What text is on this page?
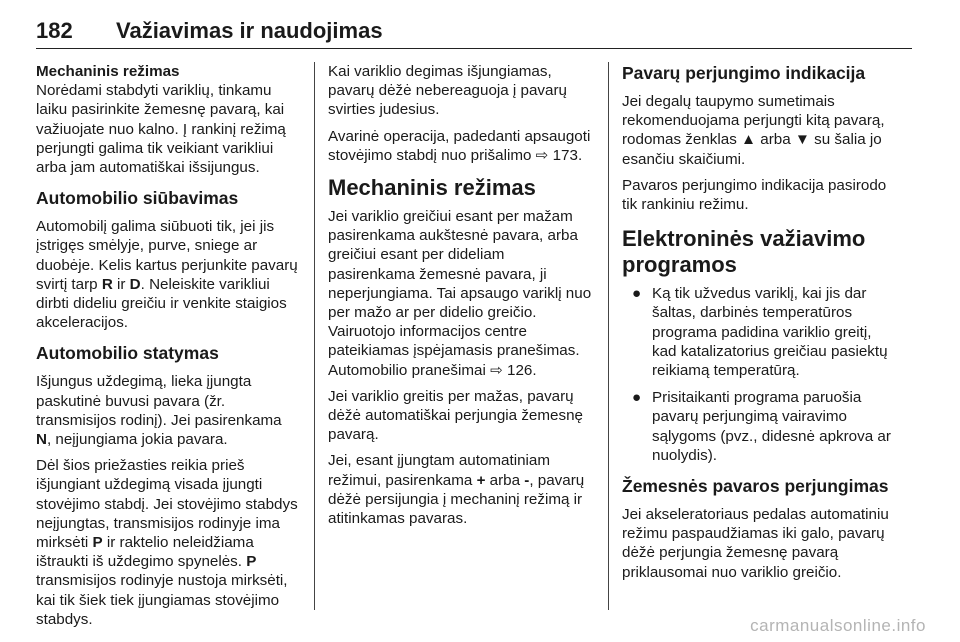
182 Važiavimas ir naudojimas
Mechaninis režimas

Norėdami stabdyti variklių, tinkamu laiku pasirinkite žemesnę pavarą, kai važiuojate nuo kalno. Į rankinį režimą perjungti galima tik veikiant varikliui arba jam automatiškai išsijungus.

Automobilio siūbavimas

Automobilį galima siūbuoti tik, jei jis įstrigęs smėlyje, purve, sniege ar duobėje. Kelis kartus perjunkite pavarų svirtį tarp R ir D. Neleiskite varikliui dirbti dideliu greičiu ir venkite staigios akceleracijos.

Automobilio statymas

Išjungus uždegimą, lieka įjungta paskutinė buvusi pavara (žr. transmisijos rodinį). Jei pasirenkama N, neįjungiama jokia pavara.

Dėl šios priežasties reikia prieš išjungiant uždegimą visada įjungti stovėjimo stabdį. Jei stovėjimo stabdys neįjungtas, transmisijos rodinyje ima mirksėti P ir raktelio neleidžiama ištraukti iš uždegimo spynelės. P transmisijos rodinyje nustoja mirksėti, kai tik šiek tiek įjungiamas stovėjimo stabdys.

Kai variklio degimas išjungiamas, pavarų dėžė nebereaguoja į pavarų svirties judesius.

Avarinė operacija, padedanti apsaugoti stovėjimo stabdį nuo prišalimo ⇨ 173.

Mechaninis režimas

Jei variklio greičiui esant per mažam pasirenkama aukštesnė pavara, arba greičiui esant per dideliam pasirenkama žemesnė pavara, ji neperjungiama. Tai apsaugo variklį nuo per mažo ar per didelio greičio. Vairuotojo informacijos centre pateikiamas įspėjamasis pranešimas. Automobilio pranešimai ⇨ 126.

Jei variklio greitis per mažas, pavarų dėžė automatiškai perjungia žemesnę pavarą.

Jei, esant įjungtam automatiniam režimui, pasirenkama + arba -, pavarų dėžė persijungia į mechaninį režimą ir atitinkamas pavaras.

Pavarų perjungimo indikacija

Jei degalų taupymo sumetimais rekomenduojama perjungti kitą pavarą, rodomas ženklas ▲ arba ▼ su šalia jo esančiu skaičiumi.

Pavaros perjungimo indikacija pasirodo tik rankiniu režimu.

Elektroninės važiavimo programos
● Ką tik užvedus variklį, kai jis dar šaltas, darbinės temperatūros programa padidina variklio greitį, kad katalizatorius greičiau pasiektų reikiamą temperatūrą.
● Prisitaikanti programa paruošia pavarų perjungimą vairavimo sąlygoms (pvz., didesnė apkrova ar nuolydis).
Žemesnės pavaros perjungimas

Jei akseleratoriaus pedalas automatiniu režimu paspaudžiamas iki galo, pavarų dėžė perjungia žemesnę pavarą priklausomai nuo variklio greičio.

carmanualsonline.info
